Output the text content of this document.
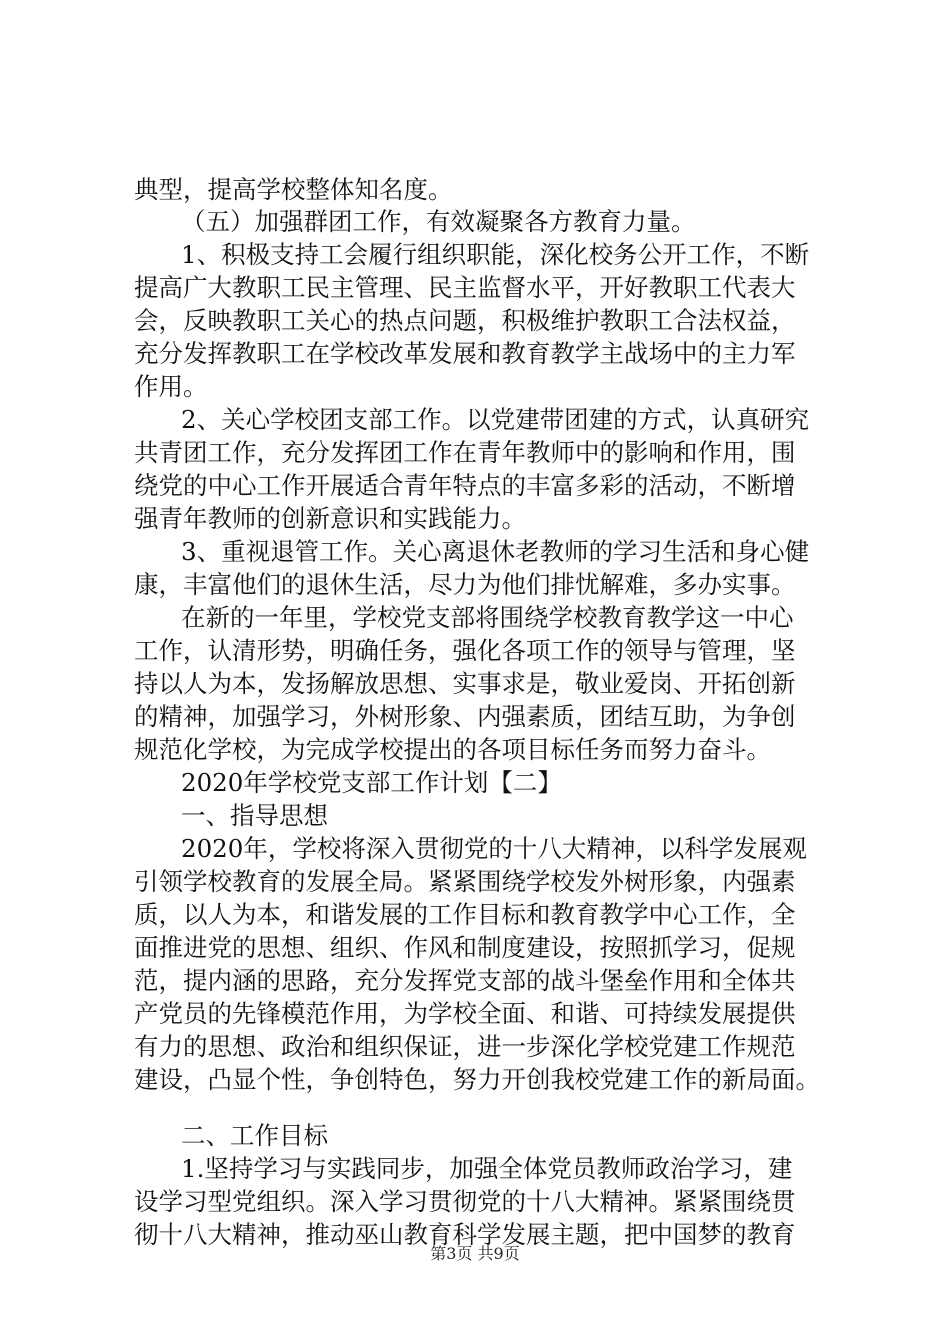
典型，提高学校整体知名度。
（五）加强群团工作，有效凝聚各方教育力量。
1、积极支持工会履行组织职能，深化校务公开工作，不断
提高广大教职工民主管理、民主监督水平，开好教职工代表大
会，反映教职工关心的热点问题，积极维护教职工合法权益，
充分发挥教职工在学校改革发展和教育教学主战场中的主力军
作用。
2、关心学校团支部工作。以党建带团建的方式，认真研究
共青团工作，充分发挥团工作在青年教师中的影响和作用，围
绕党的中心工作开展适合青年特点的丰富多彩的活动，不断增
强青年教师的创新意识和实践能力。
3、重视退管工作。关心离退休老教师的学习生活和身心健
康，丰富他们的退休生活，尽力为他们排忧解难，多办实事。
在新的一年里，学校党支部将围绕学校教育教学这一中心
工作，认清形势，明确任务，强化各项工作的领导与管理，坚
持以人为本，发扬解放思想、实事求是，敬业爱岗、开拓创新
的精神，加强学习，外树形象、内强素质，团结互助，为争创
规范化学校，为完成学校提出的各项目标任务而努力奋斗。
2020年学校党支部工作计划【二】
一、指导思想
2020年，学校将深入贯彻党的十八大精神，以科学发展观
引领学校教育的发展全局。紧紧围绕学校发外树形象，内强素
质，以人为本，和谐发展的工作目标和教育教学中心工作，全
面推进党的思想、组织、作风和制度建设，按照抓学习，促规
范，提内涵的思路，充分发挥党支部的战斗堡垒作用和全体共
产党员的先锋模范作用，为学校全面、和谐、可持续发展提供
有力的思想、政治和组织保证，进一步深化学校党建工作规范
建设，凸显个性，争创特色，努力开创我校党建工作的新局面。
二、工作目标
1.坚持学习与实践同步，加强全体党员教师政治学习，建
设学习型党组织。深入学习贯彻党的十八大精神。紧紧围绕贯
彻十八大精神，推动巫山教育科学发展主题，把中国梦的教育
第3页 共9页
